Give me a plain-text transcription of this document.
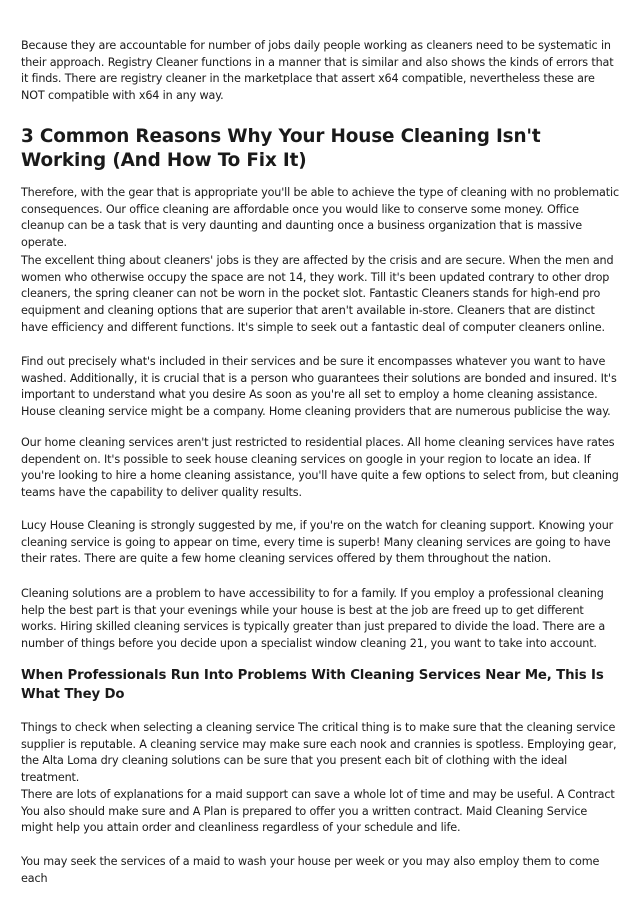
Because they are accountable for number of jobs daily people working as cleaners need to be systematic in their approach. Registry Cleaner functions in a manner that is similar and also shows the kinds of errors that it finds. There are registry cleaner in the marketplace that assert x64 compatible, nevertheless these are NOT compatible with x64 in any way.

3 Common Reasons Why Your House Cleaning Isn't Working (And How To Fix It)

Therefore, with the gear that is appropriate you'll be able to achieve the type of cleaning with no problematic consequences. Our office cleaning are affordable once you would like to conserve some money. Office cleanup can be a task that is very daunting and daunting once a business organization that is massive operate.

The excellent thing about cleaners' jobs is they are affected by the crisis and are secure. When the men and women who otherwise occupy the space are not 14, they work. Till it's been updated contrary to other drop cleaners, the spring cleaner can not be worn in the pocket slot. Fantastic Cleaners stands for high-end pro equipment and cleaning options that are superior that aren't available in-store. Cleaners that are distinct have efficiency and different functions. It's simple to seek out a fantastic deal of computer cleaners online.

Find out precisely what's included in their services and be sure it encompasses whatever you want to have washed. Additionally, it is crucial that is a person who guarantees their solutions are bonded and insured. It's important to understand what you desire As soon as you're all set to employ a home cleaning assistance. House cleaning service might be a company. Home cleaning providers that are numerous publicise the way.

Our home cleaning services aren't just restricted to residential places. All home cleaning services have rates dependent on. It's possible to seek house cleaning services on google in your region to locate an idea. If you're looking to hire a home cleaning assistance, you'll have quite a few options to select from, but cleaning teams have the capability to deliver quality results.

Lucy House Cleaning is strongly suggested by me, if you're on the watch for cleaning support. Knowing your cleaning service is going to appear on time, every time is superb! Many cleaning services are going to have their rates. There are quite a few home cleaning services offered by them throughout the nation.

Cleaning solutions are a problem to have accessibility to for a family. If you employ a professional cleaning help the best part is that your evenings while your house is best at the job are freed up to get different works. Hiring skilled cleaning services is typically greater than just prepared to divide the load. There are a number of things before you decide upon a specialist window cleaning 21, you want to take into account.

When Professionals Run Into Problems With Cleaning Services Near Me, This Is What They Do

Things to check when selecting a cleaning service The critical thing is to make sure that the cleaning service supplier is reputable. A cleaning service may make sure each nook and crannies is spotless. Employing gear, the Alta Loma dry cleaning solutions can be sure that you present each bit of clothing with the ideal treatment.

There are lots of explanations for a maid support can save a whole lot of time and may be useful. A Contract You also should make sure and A Plan is prepared to offer you a written contract. Maid Cleaning Service might help you attain order and cleanliness regardless of your schedule and life.

You may seek the services of a maid to wash your house per week or you may also employ them to come each
